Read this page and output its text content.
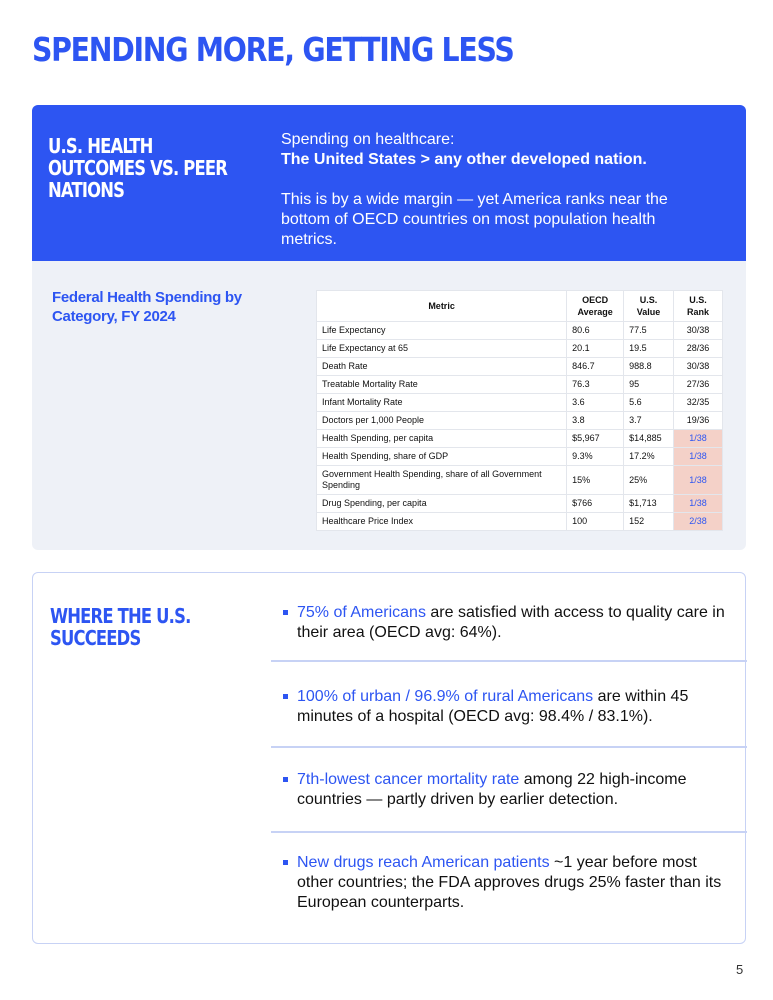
SPENDING MORE, GETTING LESS
U.S. HEALTH OUTCOMES VS. PEER NATIONS
Spending on healthcare:
The United States > any other developed nation.
This is by a wide margin — yet America ranks near the bottom of OECD countries on most population health metrics.
Federal Health Spending by Category, FY 2024
Metric	OECD Average	U.S. Value	U.S. Rank
Life Expectancy	80.6	77.5	30/38
Life Expectancy at 65	20.1	19.5	28/36
Death Rate	846.7	988.8	30/38
Treatable Mortality Rate	76.3	95	27/36
Infant Mortality Rate	3.6	5.6	32/35
Doctors per 1,000 People	3.8	3.7	19/36
Health Spending, per capita	$5,967	$14,885	1/38
Health Spending, share of GDP	9.3%	17.2%	1/38
Government Health Spending, share of all Government Spending	15%	25%	1/38
Drug Spending, per capita	$766	$1,713	1/38
Healthcare Price Index	100	152	2/38
WHERE THE U.S. SUCCEEDS
75% of Americans are satisfied with access to quality care in their area (OECD avg: 64%).
100% of urban / 96.9% of rural Americans are within 45 minutes of a hospital (OECD avg: 98.4% / 83.1%).
7th-lowest cancer mortality rate among 22 high-income countries — partly driven by earlier detection.
New drugs reach American patients ~1 year before most other countries; the FDA approves drugs 25% faster than its European counterparts.
5
